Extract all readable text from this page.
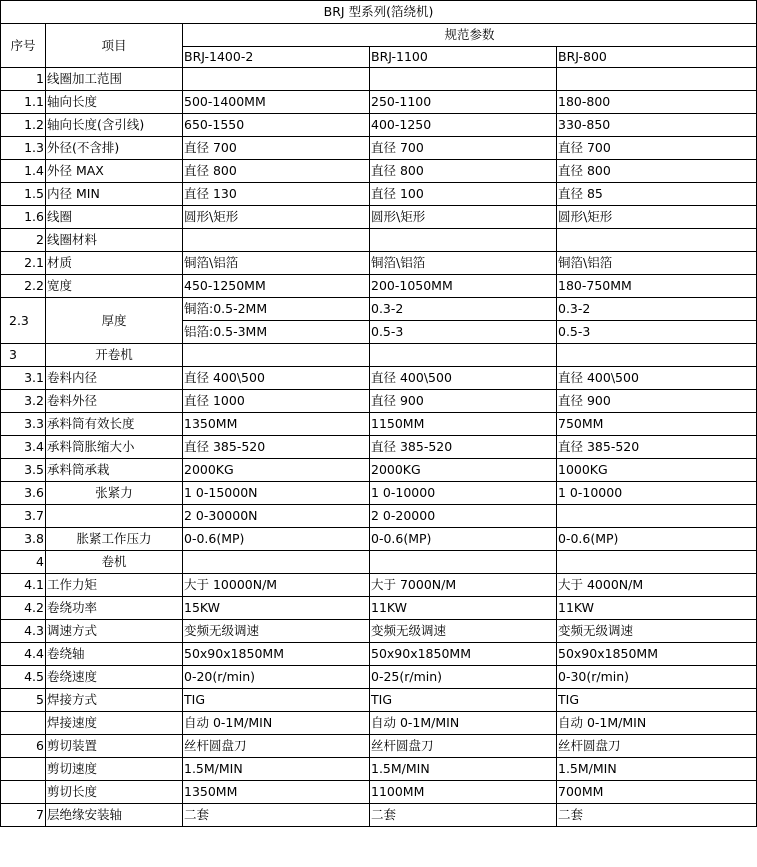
BRJ 型系列(箔绕机)				
序号	项目	规范参数		
		BRJ-1400-2	BRJ-1100	BRJ-800
1	线圈加工范围			
1.1	轴向长度	500-1400MM	250-1100	180-800
1.2	轴向长度(含引线)	650-1550	400-1250	330-850
1.3	外径(不含排)	直径 700	直径 700	直径 700
1.4	外径 MAX	直径 800	直径 800	直径 800
1.5	内径 MIN	直径 130	直径 100	直径 85
1.6	线圈	圆形\矩形	圆形\矩形	圆形\矩形
2	线圈材料			
2.1	材质	铜箔\铝箔	铜箔\铝箔	铜箔\铝箔
2.2	宽度	450-1250MM	200-1050MM	180-750MM
2.3	厚度	铜箔:0.5-2MM	0.3-2	0.3-2
		铝箔:0.5-3MM	0.5-3	0.5-3
3	开卷机			
3.1	卷料内径	直径 400\500	直径 400\500	直径 400\500
3.2	卷料外径	直径 1000	直径 900	直径 900
3.3	承料筒有效长度	1350MM	1150MM	750MM
3.4	承料筒胀缩大小	直径 385-520	直径 385-520	直径 385-520
3.5	承料筒承栽	2000KG	2000KG	1000KG
3.6	张紧力	1 0-15000N	1 0-10000	1 0-10000
3.7		2 0-30000N	2 0-20000	
3.8	胀紧工作压力	0-0.6(MP)	0-0.6(MP)	0-0.6(MP)
4	卷机			
4.1	工作力矩	大于 10000N/M	大于 7000N/M	大于 4000N/M
4.2	卷绕功率	15KW	11KW	11KW
4.3	调速方式	变频无级调速	变频无级调速	变频无级调速
4.4	卷绕轴	50x90x1850MM	50x90x1850MM	50x90x1850MM
4.5	卷绕速度	0-20(r/min)	0-25(r/min)	0-30(r/min)
5	焊接方式	TIG	TIG	TIG
	焊接速度	自动 0-1M/MIN	自动 0-1M/MIN	自动 0-1M/MIN
6	剪切装置	丝杆圆盘刀	丝杆圆盘刀	丝杆圆盘刀
	剪切速度	1.5M/MIN	1.5M/MIN	1.5M/MIN
	剪切长度	1350MM	1100MM	700MM
7	层绝缘安装轴	二套	二套	二套
